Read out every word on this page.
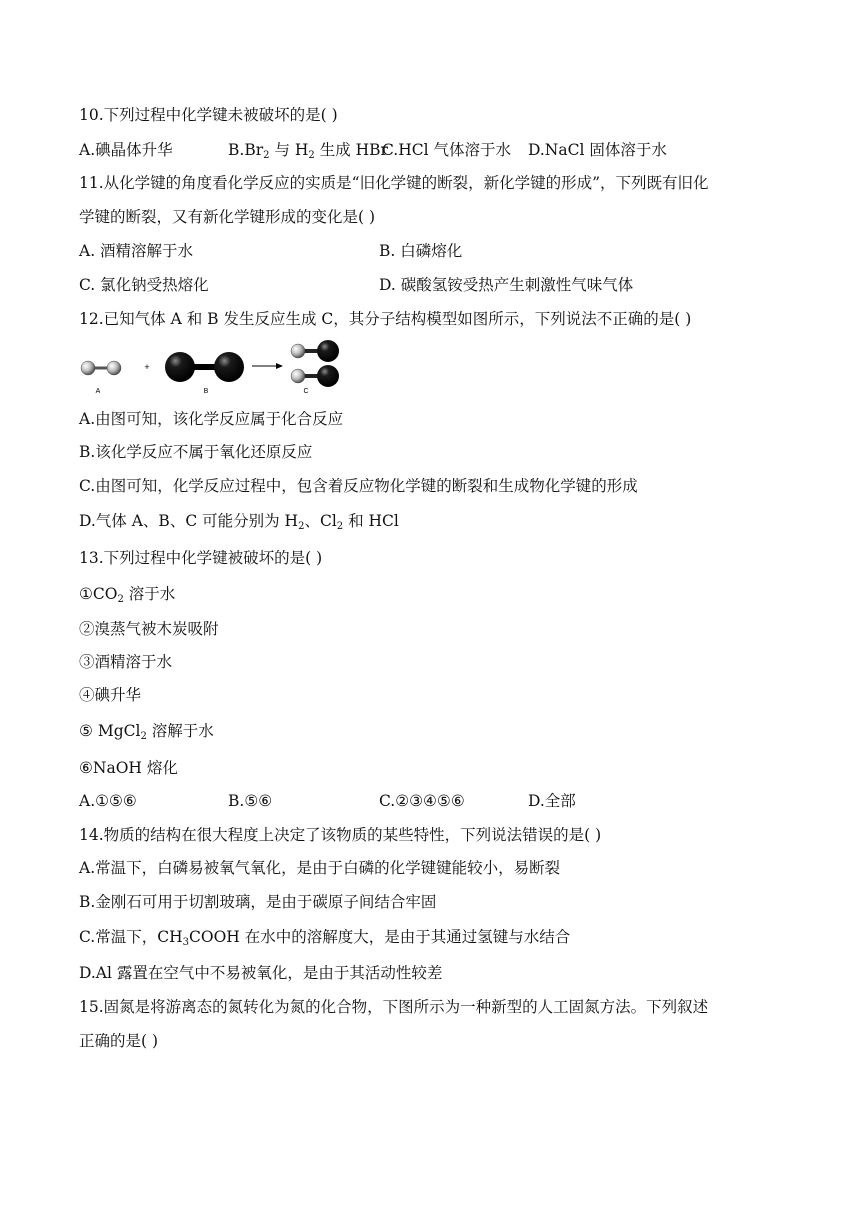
10.下列过程中化学键未被破坏的是( )
A.碘晶体升华	$B.Br_2$ 与 $H_2$ 生成 HBr
C.HCl 气体溶于水 D.NaCl 固体溶于水
11.从化学键的角度看化学反应的实质是“旧化学键的断裂，新化学键的形成”，下列既有旧化
学键的断裂，又有新化学键形成的变化是( )
A. 酒精溶解于水	B. 白磷熔化
C. 氯化钠受热熔化	D. 碳酸氢铵受热产生刺激性气味气体
12.已知气体 A 和 B 发生反应生成 C，其分子结构模型如图所示，下列说法不正确的是( )
A
+
B	C
A.由图可知，该化学反应属于化合反应
B.该化学反应不属于氧化还原反应
C.由图可知，化学反应过程中，包含着反应物化学键的断裂和生成物化学键的形成
D.气体 A、B、C 可能分别为 $H_2$、$Cl_2$ 和 HCl
13.下列过程中化学键被破坏的是( )
$①CO_2$ 溶于水
②溴蒸气被木炭吸附
③酒精溶于水
④碘升华
⑤ MgCl$_2$ 溶解于水
⑥NaOH 熔化
A.①⑤⑥	B.⑤⑥	C.②③④⑤⑥	D.全部
14.物质的结构在很大程度上决定了该物质的某些特性，下列说法错误的是( )
A.常温下，白磷易被氧气氧化，是由于白磷的化学键键能较小，易断裂
B.金刚石可用于切割玻璃，是由于碳原子间结合牢固
C.常温下，$CH_3COOH$ 在水中的溶解度大，是由于其通过氢键与水结合
D.Al 露置在空气中不易被氧化，是由于其活动性较差
15.固氮是将游离态的氮转化为氮的化合物，下图所示为一种新型的人工固氮方法。下列叙述
正确的是( )
